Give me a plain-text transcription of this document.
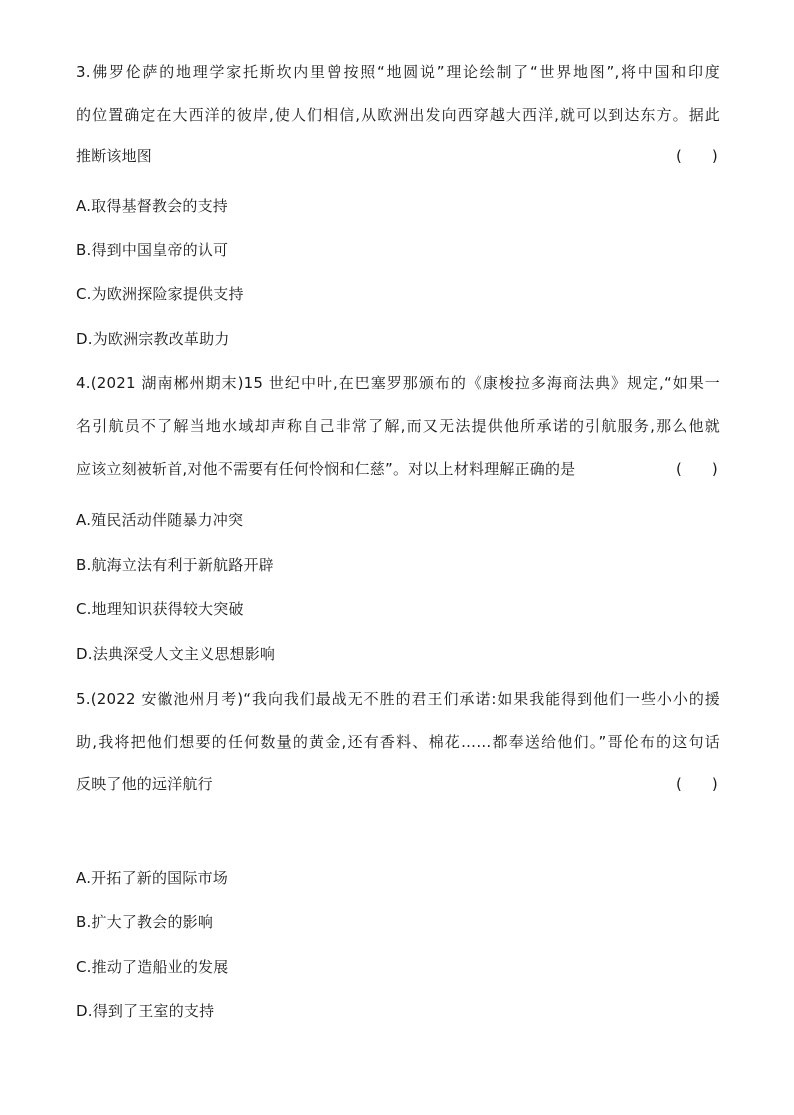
3.佛罗伦萨的地理学家托斯坎内里曾按照“地圆说”理论绘制了“世界地图”,将中国和印度
的位置确定在大西洋的彼岸,使人们相信,从欧洲出发向西穿越大西洋,就可以到达东方。据此
推断该地图	(      )
A.取得基督教会的支持
B.得到中国皇帝的认可
C.为欧洲探险家提供支持
D.为欧洲宗教改革助力
4.(2021 湖南郴州期末)15 世纪中叶,在巴塞罗那颁布的《康梭拉多海商法典》规定,“如果一
名引航员不了解当地水域却声称自己非常了解,而又无法提供他所承诺的引航服务,那么他就
应该立刻被斩首,对他不需要有任何怜悯和仁慈”。对以上材料理解正确的是	(      )
A.殖民活动伴随暴力冲突
B.航海立法有利于新航路开辟
C.地理知识获得较大突破
D.法典深受人文主义思想影响
5.(2022 安徽池州月考)“我向我们最战无不胜的君王们承诺:如果我能得到他们一些小小的援
助,我将把他们想要的任何数量的黄金,还有香料、棉花……都奉送给他们。”哥伦布的这句话
反映了他的远洋航行	(      )
A.开拓了新的国际市场
B.扩大了教会的影响
C.推动了造船业的发展
D.得到了王室的支持
